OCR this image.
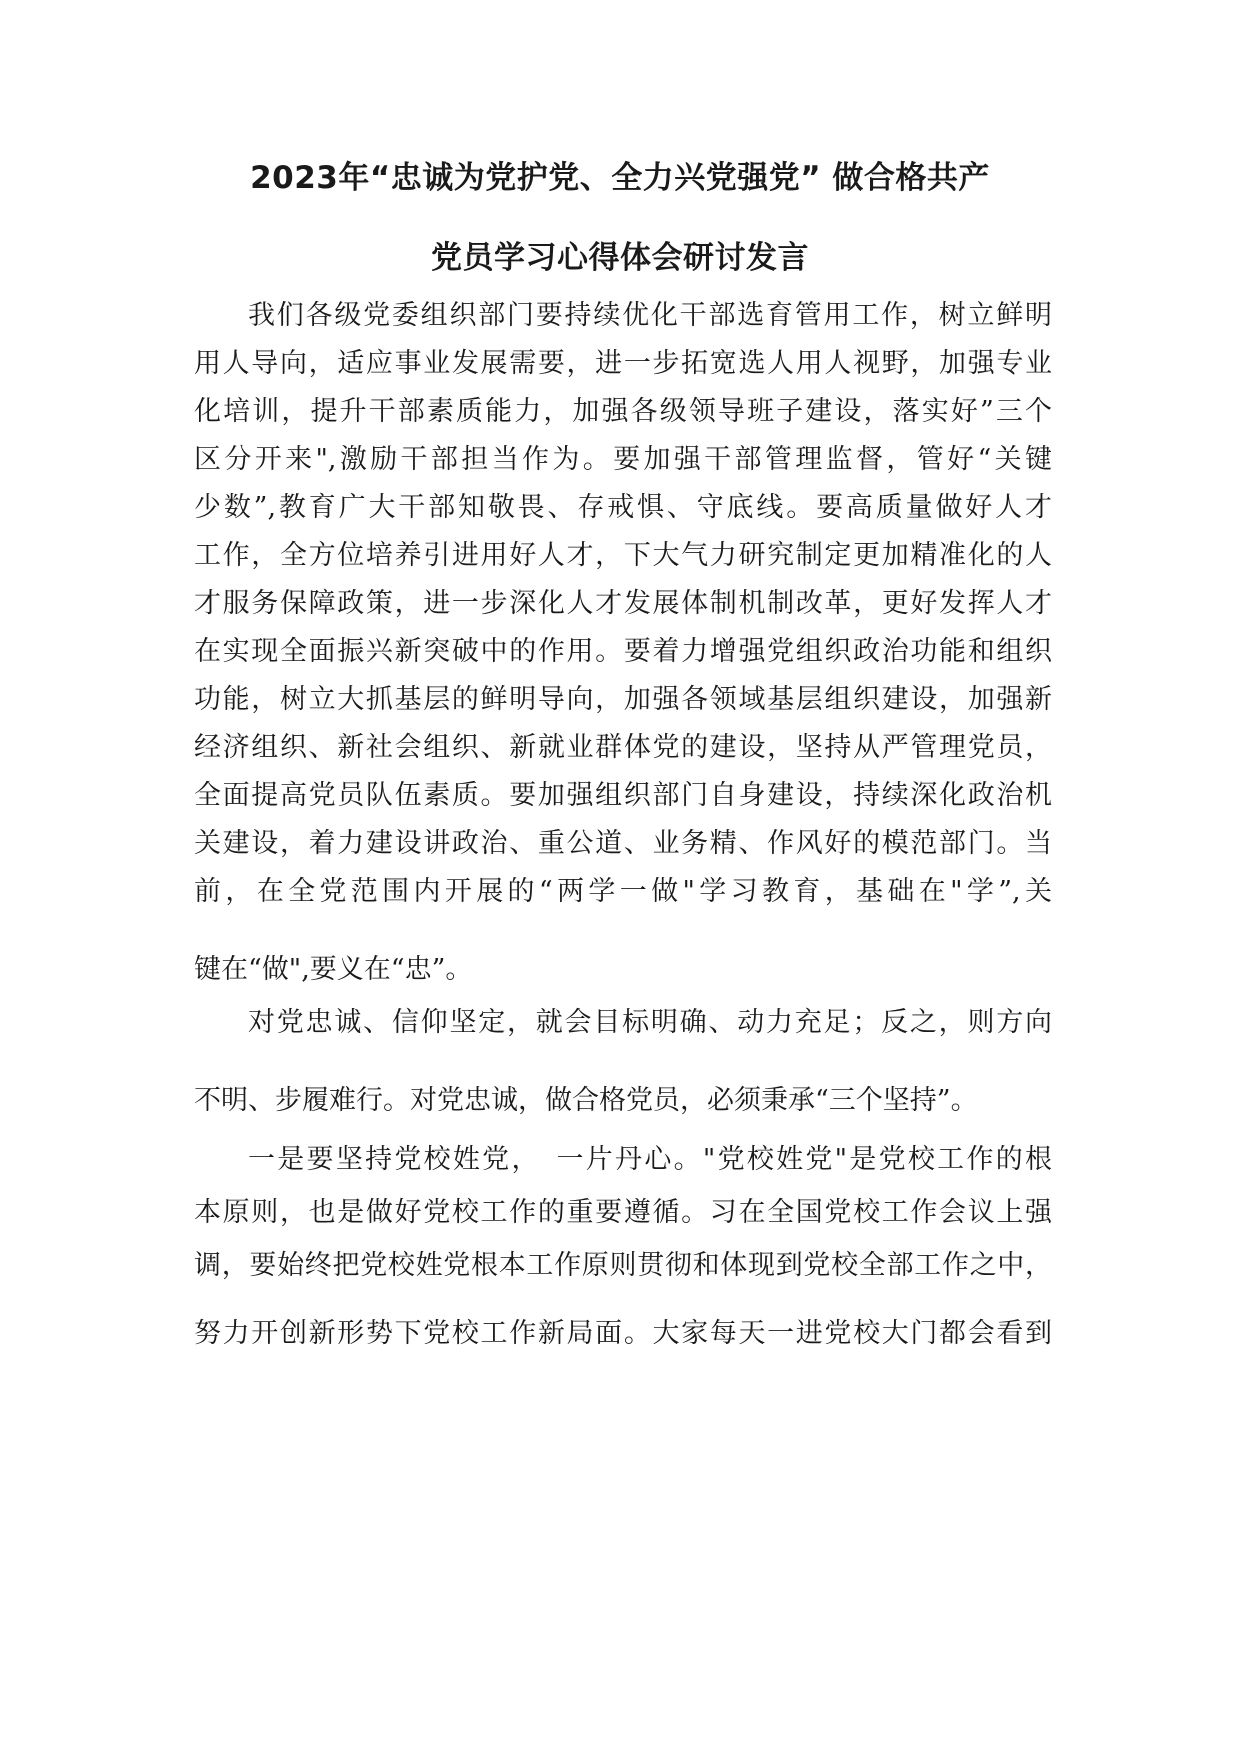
2023年“忠诚为党护党、全力兴党强党” 做合格共产
党员学习心得体会研讨发言
我们各级党委组织部门要持续优化干部选育管用工作，树立鲜明
用人导向，适应事业发展需要，进一步拓宽选人用人视野，加强专业
化培训，提升干部素质能力，加强各级领导班子建设，落实好”三个
区分开来",激励干部担当作为。要加强干部管理监督，管好“关键
少数”,教育广大干部知敬畏、存戒惧、守底线。要高质量做好人才
工作，全方位培养引进用好人才，下大气力研究制定更加精准化的人
才服务保障政策，进一步深化人才发展体制机制改革，更好发挥人才
在实现全面振兴新突破中的作用。要着力增强党组织政治功能和组织
功能，树立大抓基层的鲜明导向，加强各领域基层组织建设，加强新
经济组织、新社会组织、新就业群体党的建设，坚持从严管理党员，
全面提高党员队伍素质。要加强组织部门自身建设，持续深化政治机
关建设，着力建设讲政治、重公道、业务精、作风好的模范部门。当
前，在全党范围内开展的“两学一做"学习教育，基础在"学”,关
键在“做",要义在“忠”。
对党忠诚、信仰坚定，就会目标明确、动力充足；反之，则方向
不明、步履难行。对党忠诚，做合格党员，必须秉承“三个坚持”。
一是要坚持党校姓党，　一片丹心。"党校姓党"是党校工作的根
本原则，也是做好党校工作的重要遵循。习在全国党校工作会议上强
调，要始终把党校姓党根本工作原则贯彻和体现到党校全部工作之中，
努力开创新形势下党校工作新局面。大家每天一进党校大门都会看到
